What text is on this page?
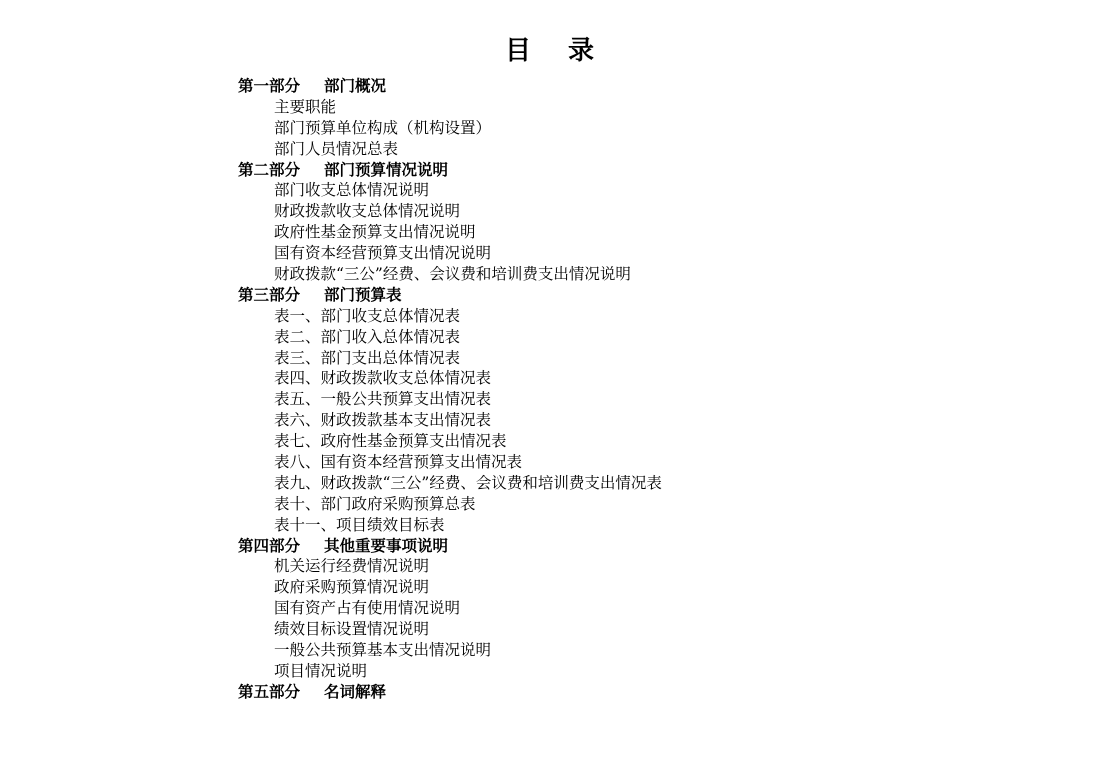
目 录
第一部分 部门概况
主要职能
部门预算单位构成（机构设置）
部门人员情况总表
第二部分 部门预算情况说明
部门收支总体情况说明
财政拨款收支总体情况说明
政府性基金预算支出情况说明
国有资本经营预算支出情况说明
财政拨款“三公”经费、会议费和培训费支出情况说明
第三部分 部门预算表
表一、部门收支总体情况表
表二、部门收入总体情况表
表三、部门支出总体情况表
表四、财政拨款收支总体情况表
表五、一般公共预算支出情况表
表六、财政拨款基本支出情况表
表七、政府性基金预算支出情况表
表八、国有资本经营预算支出情况表
表九、财政拨款“三公”经费、会议费和培训费支出情况表
表十、部门政府采购预算总表
表十一、项目绩效目标表
第四部分 其他重要事项说明
机关运行经费情况说明
政府采购预算情况说明
国有资产占有使用情况说明
绩效目标设置情况说明
一般公共预算基本支出情况说明
项目情况说明
第五部分 名词解释
